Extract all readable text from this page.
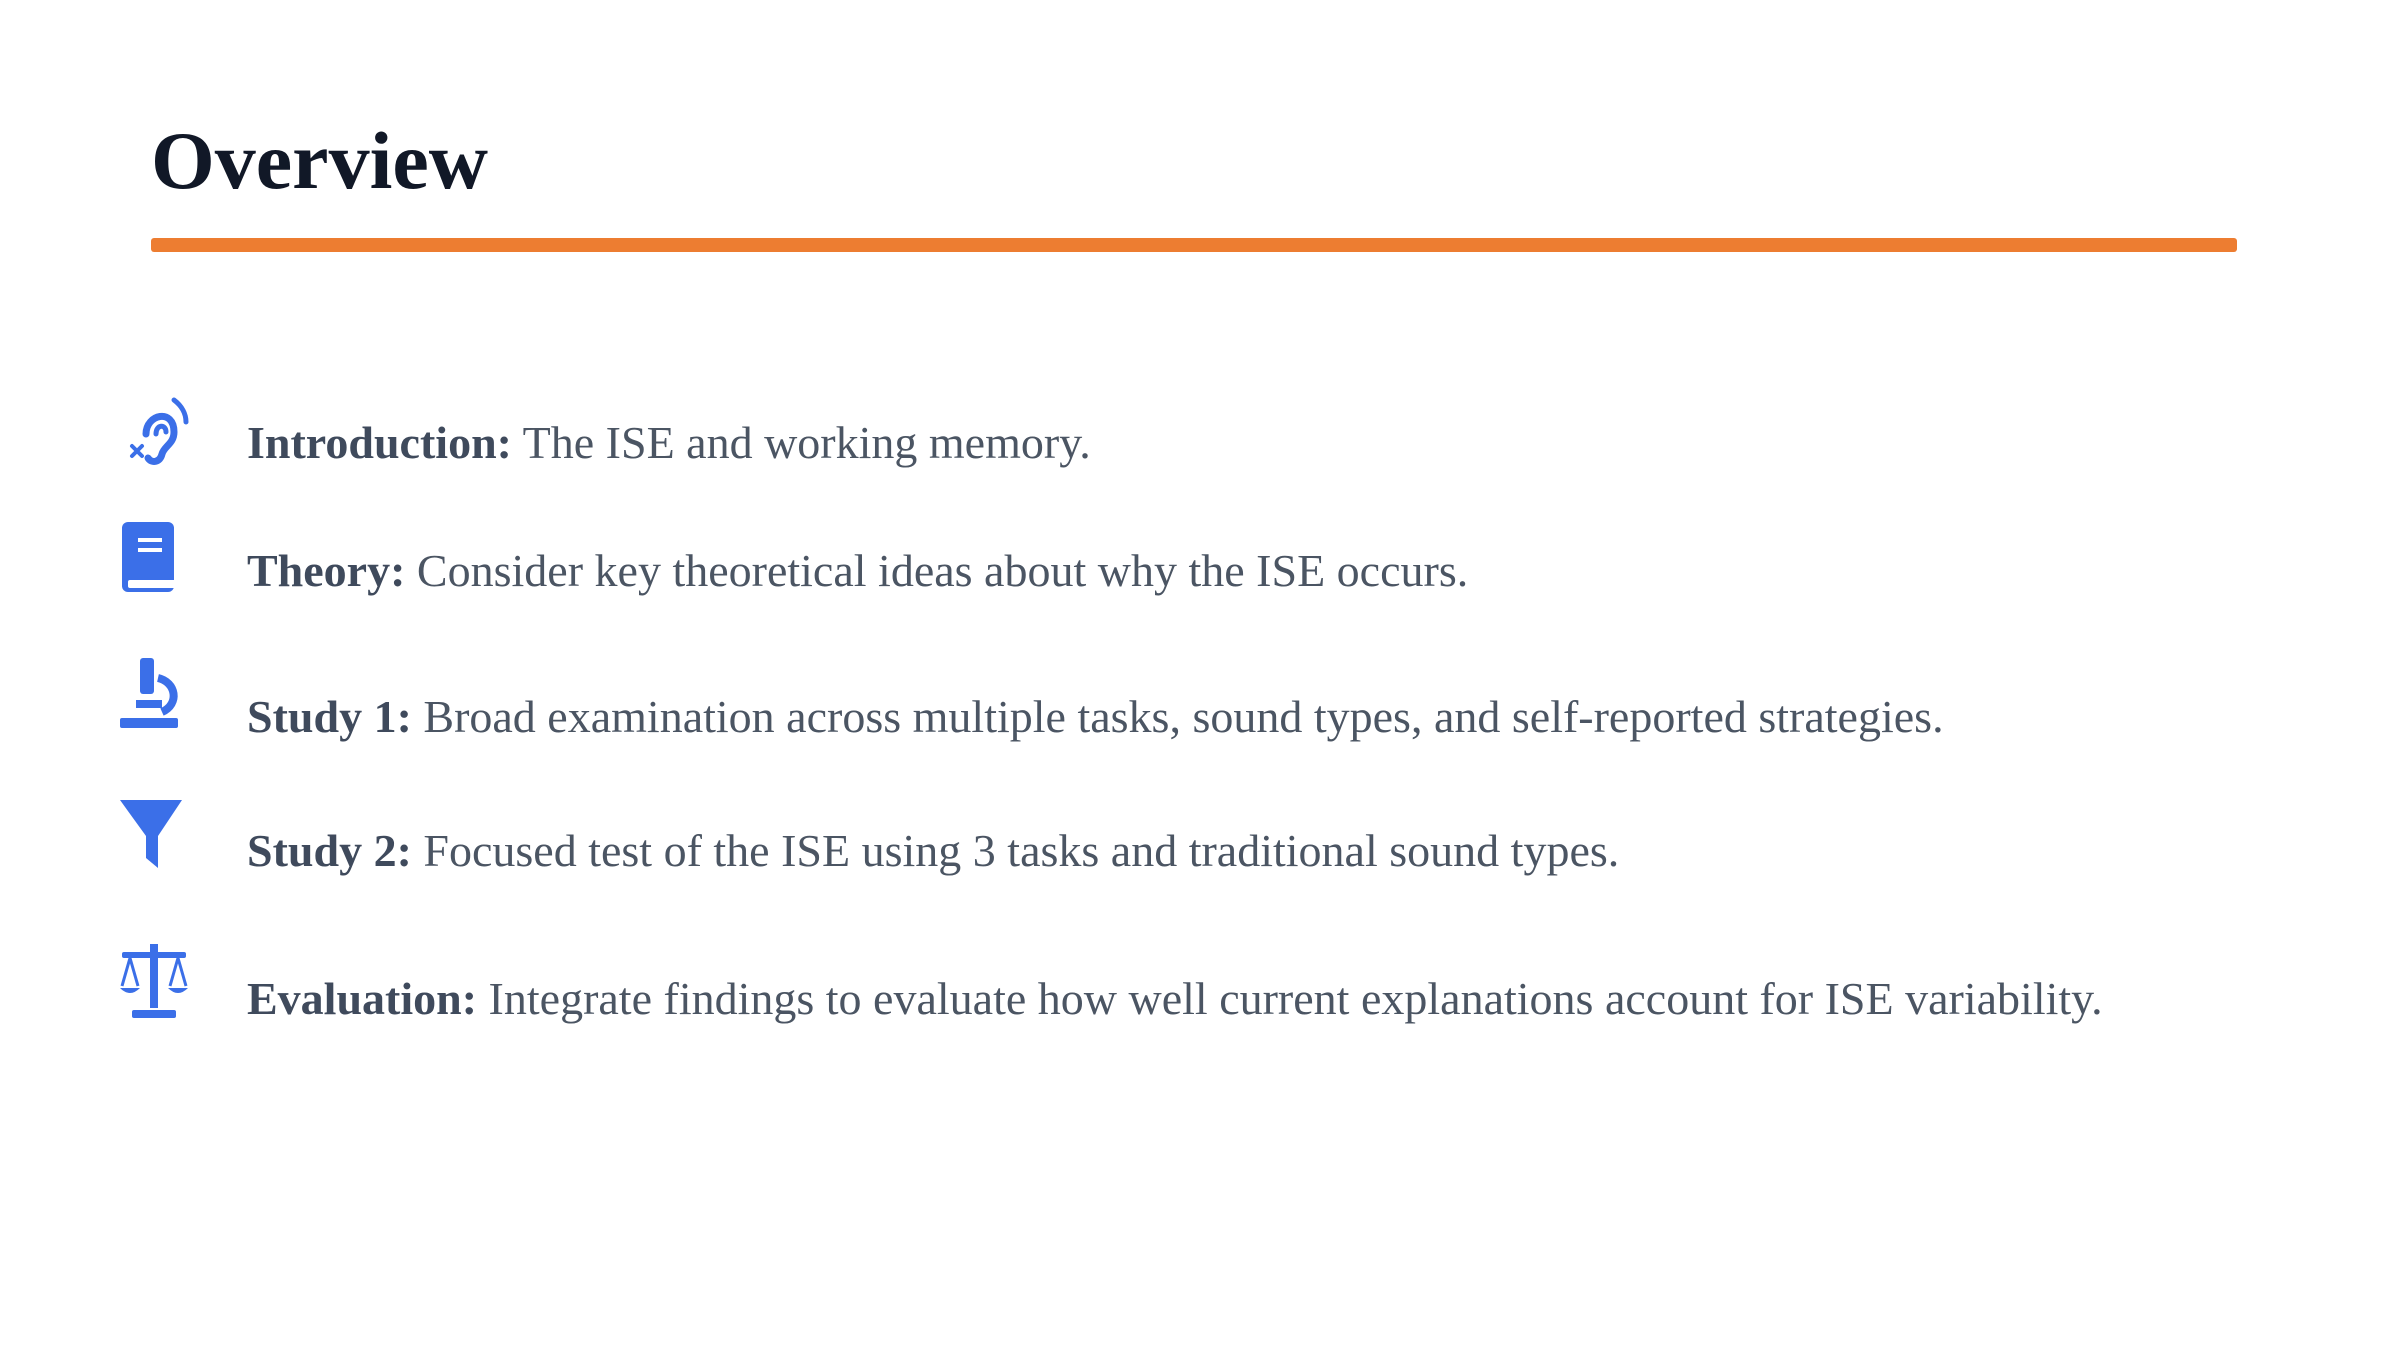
Overview
Introduction: The ISE and working memory.
Theory: Consider key theoretical ideas about why the ISE occurs.
Study 1: Broad examination across multiple tasks, sound types, and self-reported strategies.
Study 2: Focused test of the ISE using 3 tasks and traditional sound types.
Evaluation: Integrate findings to evaluate how well current explanations account for ISE variability.
